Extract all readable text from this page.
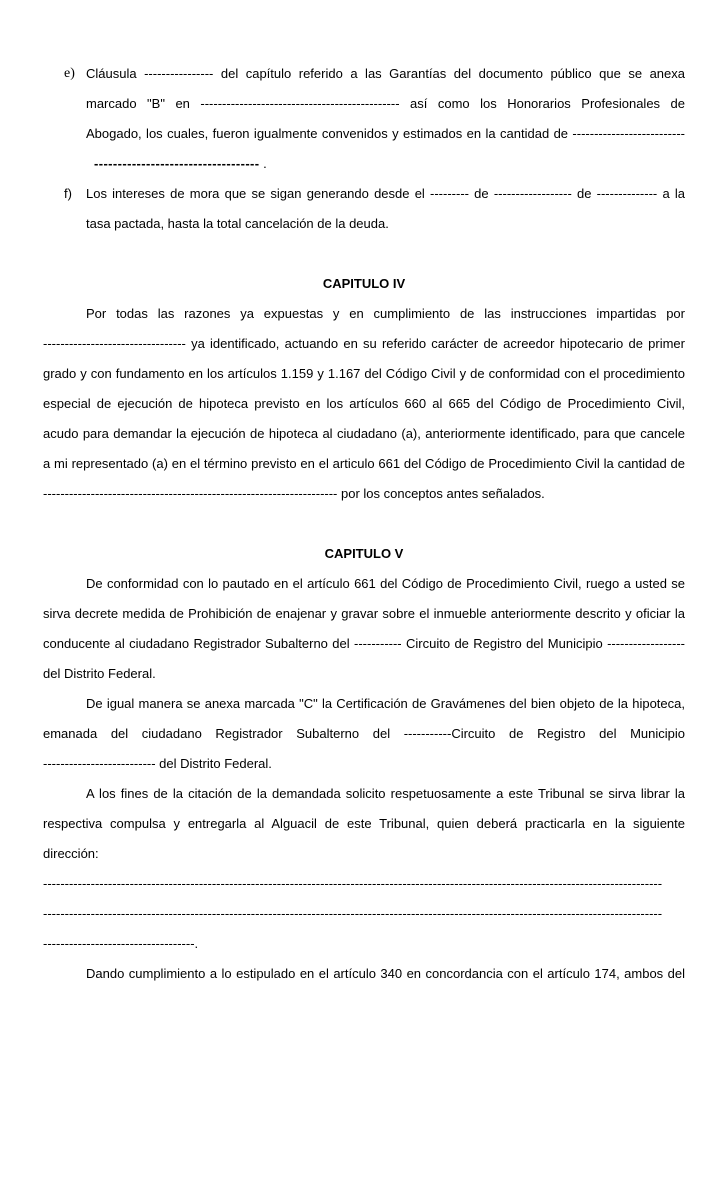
e) Cláusula ---------------- del capítulo referido a las Garantías del documento público que se anexa
marcado "B" en ---------------------------------------------- así como los Honorarios Profesionales de
Abogado, los cuales, fueron igualmente convenidos y estimados en la cantidad de --------------------------
----------------------------------- .
f) Los intereses de mora que se sigan generando desde el --------- de ------------------ de -------------- a la
tasa pactada, hasta la total cancelación de la deuda.
CAPITULO IV
Por todas las razones ya expuestas y en cumplimiento de las instrucciones impartidas por
--------------------------------- ya identificado, actuando en su referido carácter de acreedor hipotecario de primer
grado y con fundamento en los artículos 1.159 y 1.167 del Código Civil y de conformidad con el procedimiento
especial de ejecución de hipoteca previsto en los artículos 660 al 665 del Código de Procedimiento Civil,
acudo para demandar la ejecución de hipoteca al ciudadano (a), anteriormente identificado, para que cancele
a mi representado (a) en el término previsto en el articulo 661 del Código de Procedimiento Civil la cantidad de
-------------------------------------------------------------------- por los conceptos antes señalados.
CAPITULO V
De conformidad con lo pautado en el artículo 661 del Código de Procedimiento Civil, ruego a usted se
sirva decrete medida de Prohibición de enajenar y gravar sobre el inmueble anteriormente descrito y oficiar la
conducente al ciudadano Registrador Subalterno del ----------- Circuito de Registro del Municipio ------------------
del Distrito Federal.
De igual manera se anexa marcada "C" la Certificación de Gravámenes del bien objeto de la hipoteca,
emanada del ciudadano Registrador Subalterno del -----------Circuito de Registro del Municipio
-------------------------- del Distrito Federal.
A los fines de la citación de la demandada solicito respetuosamente a este Tribunal se sirva librar la
respectiva compulsa y entregarla al Alguacil de este Tribunal, quien deberá practicarla en la siguiente
dirección:
-----------------------------------------------------------------------------------------------------------------------------------------------
-----------------------------------------------------------------------------------------------------------------------------------------------
-----------------------------------.
Dando cumplimiento a lo estipulado en el artículo 340 en concordancia con el artículo 174, ambos del
